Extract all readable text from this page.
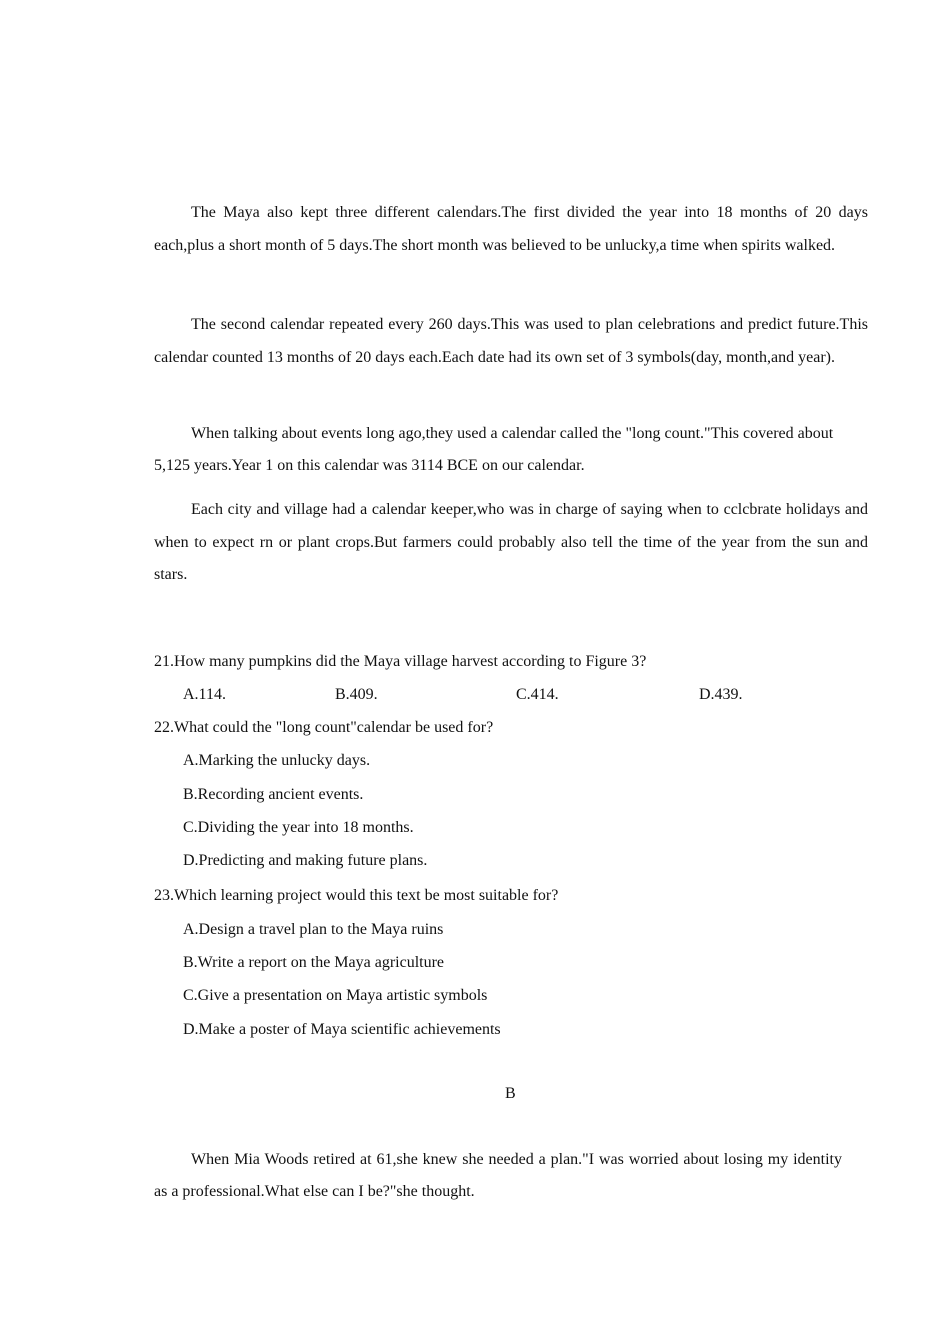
The Maya also kept three different calendars.The first divided the year into 18 months of 20 days each,plus a short month of 5 days.The short month was believed to be unlucky,a time when spirits walked.

The second calendar repeated every 260 days.This was used to plan celebrations and predict future.This calendar counted 13 months of 20 days each.Each date had its own set of 3 symbols(day, month,and year).

When talking about events long ago,they used a calendar called the "long count."This covered about 5,125 years.Year 1 on this calendar was 3114 BCE on our calendar.

Each city and village had a calendar keeper,who was in charge of saying when to cclcbrate holidays and when to expect rn or plant crops.But farmers could probably also tell the time of the year from the sun and stars.

21.How many pumpkins did the Maya village harvest according to Figure 3?

A.114.	B.409.	C.414.	D.439.

22.What could the "long count"calendar be used for?

A.Marking the unlucky days.
B.Recording ancient events.
C.Dividing the year into 18 months.
D.Predicting and making future plans.

23.Which learning project would this text be most suitable for?

A.Design a travel plan to the Maya ruins
B.Write a report on the Maya agriculture
C.Give a presentation on Maya artistic symbols
D.Make a poster of Maya scientific achievements
B

When Mia Woods retired at 61,she knew she needed a plan."I was worried about losing my identity as a professional.What else can I be?"she thought.
